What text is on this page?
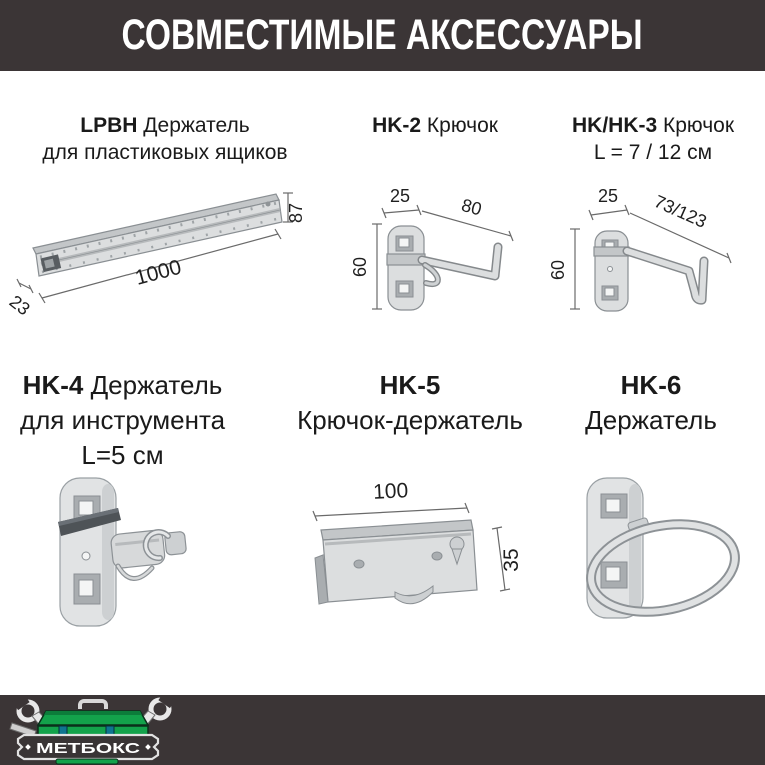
СОВМЕСТИМЫЕ АКСЕССУАРЫ
LPBH Держатель
для пластиковых ящиков
HK-2 Крючок	HK/HK-3 Крючок
L = 7 / 12 см
87
1000
23
25	80
60
25 73/123
60
HK-4 Держатель
для инструмента
L=5 см
HK-5
Крючок-держатель
HK-6
Держатель
100
35
МЕТБОКС
